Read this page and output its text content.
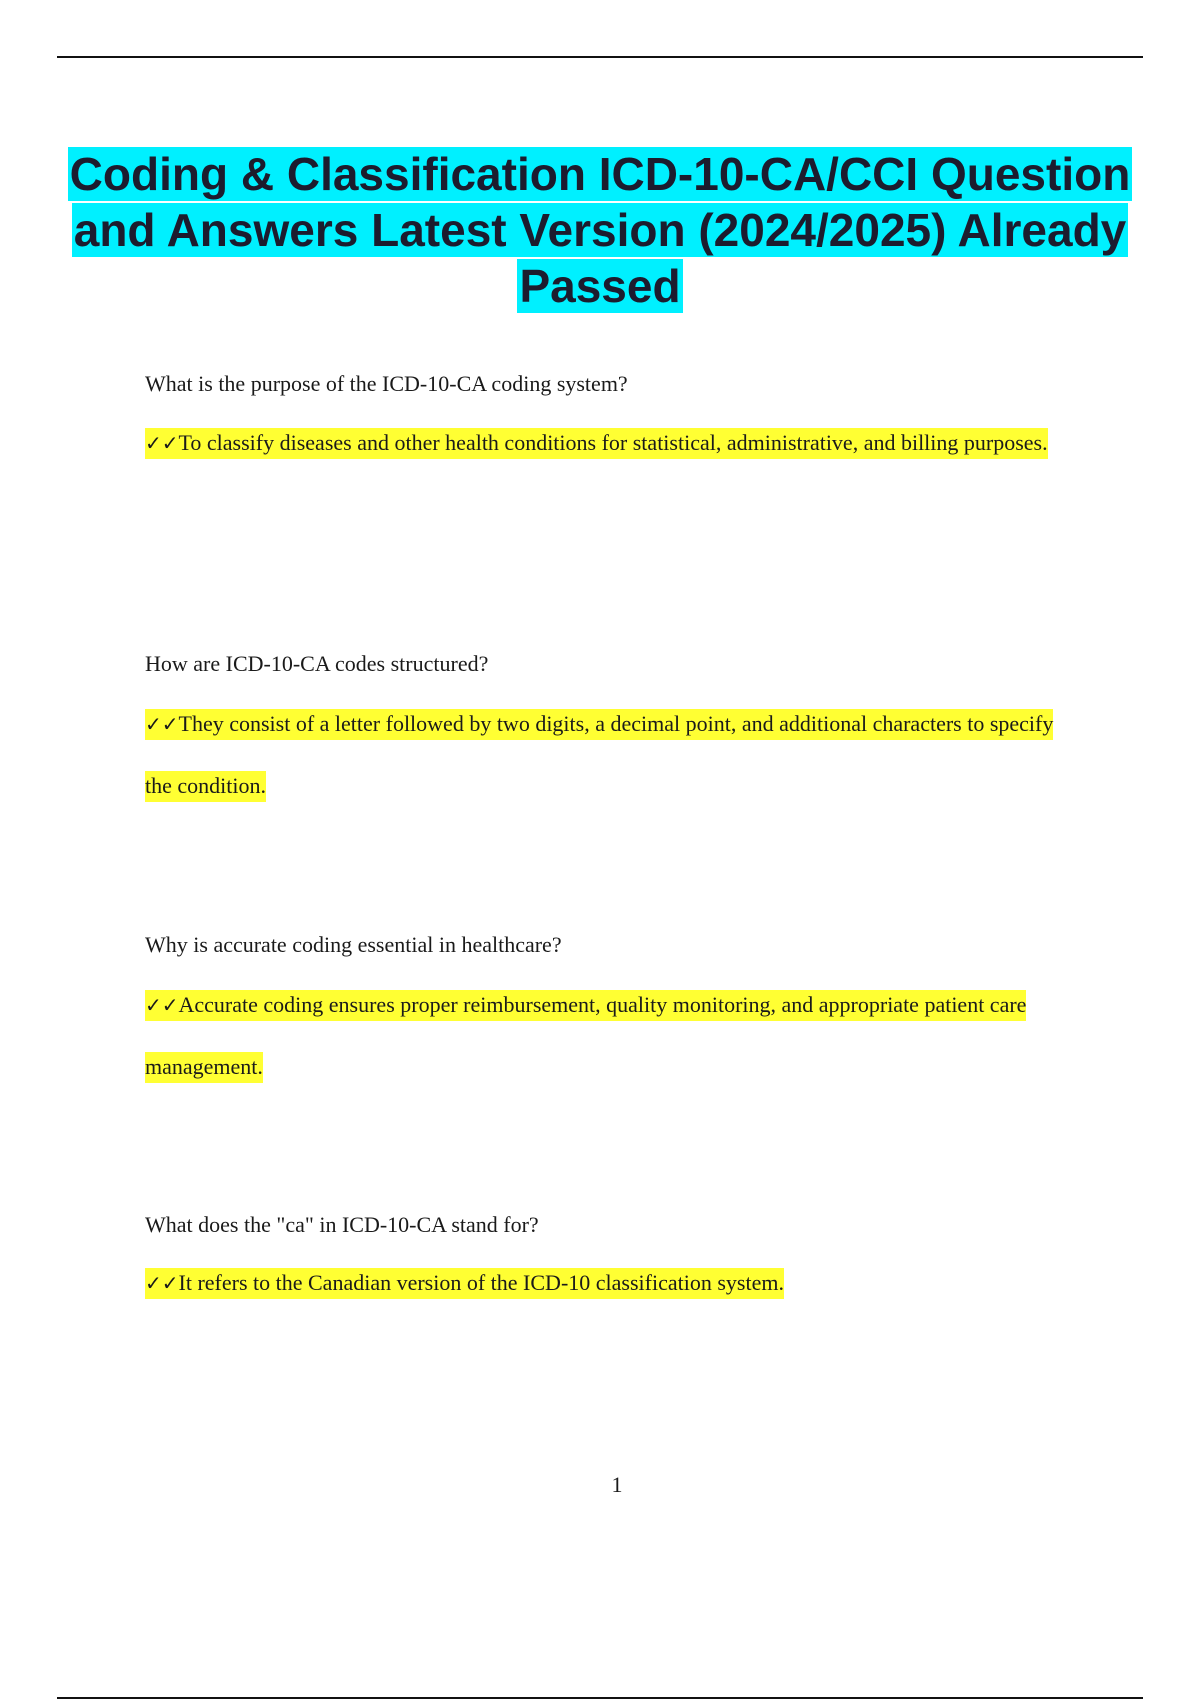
Coding & Classification ICD-10-CA/CCI Question and Answers Latest Version (2024/2025) Already Passed

What is the purpose of the ICD-10-CA coding system?

✓✓To classify diseases and other health conditions for statistical, administrative, and billing purposes.

How are ICD-10-CA codes structured?

✓✓They consist of a letter followed by two digits, a decimal point, and additional characters to specify the condition.

Why is accurate coding essential in healthcare?

✓✓Accurate coding ensures proper reimbursement, quality monitoring, and appropriate patient care management.

What does the "ca" in ICD-10-CA stand for?

✓✓It refers to the Canadian version of the ICD-10 classification system.

1
